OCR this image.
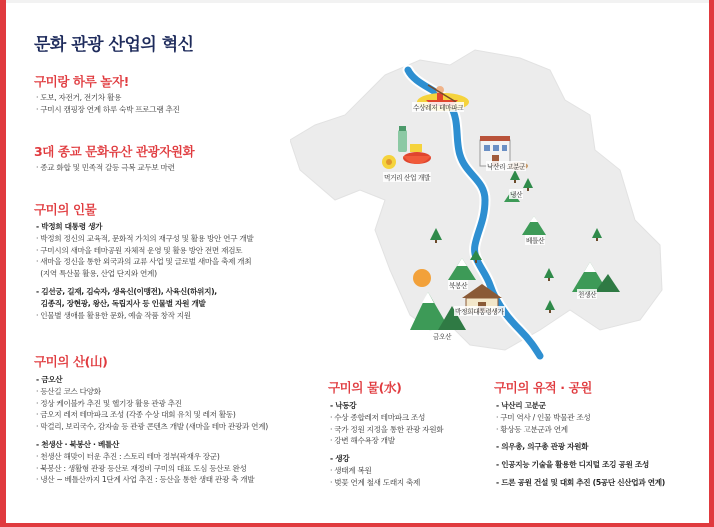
문화 관광 산업의 혁신
수상레저 테마파크
먹거리 산업 개발
낙산리 고분군
냉산
베틀산
북봉산
박정희대통령생가
금오산
천생산
구미랑 하루 놀자!
· 도보, 자전거, 전기차 활용
· 구미시 캠핑장 연계 하루 숙박 프로그램 추진
3대 종교 문화유산 관광자원화
· 종교 화합 및 민족적 갈등 극복 교두보 마련
구미의 인물
- 박정희 대통령 생가
· 박정희 정신의 교육적, 문화적 가치의 재구성 및 활용 방안 연구 개발
· 구미시의 새마을 테마공원 자체적 운영 및 활용 방안 전면 재검토
· 새마을 정신을 통한 외국과의 교류 사업 및 글로벌 새마을 축제 개최
(지역 특산물 활용, 산업 단지와 연계)
- 김선궁, 길재, 김숙자, 생육신(이맹전), 사육신(하위지),
김종직, 장현광, 왕산, 독립지사 등 인물별 자원 개발
· 인물별 생애를 활용한 문화, 예술 작품 창작 지원
구미의 산(山)
- 금오산
· 등산길 코스 다양화
· 정상 케이블카 추진 및 헬기장 활용 관광 추진
· 금오지 레저 테마파크 조성 (각종 수상 대회 유치 및 레저 활동)
· 막걸리, 보리국수, 감자술 등 관광 콘텐츠 개발 (새마을 테마 관광과 연계)
- 천생산 · 북봉산 · 베틀산
· 천생산 해맞이 터운 추진 : 스토리 테마 정부(곽재우 장군)
· 북봉산 : 생활형 관광 등산로 재정비 구미의 대표 도심 등산로 완성
· 냉산 ~ 베틀산까지 1단계 사업 추진 : 등산을 통한 생태 관광 축 개발
구미의 물(水)
- 낙동강
· 수상 종합레저 테마파크 조성
· 국가 정원 지정을 통한 관광 자원화
· 강변 해수욕장 개발
- 생강
· 생태계 복원
· 벚꽃 연계 철새 도래지 축제
구미의 유적 · 공원
- 낙산리 고분군
· 구미 역사 / 인물 박물관 조성
· 황상동 고분군과 연계
- 의우총, 의구총 관광 자원화
- 인공지능 기술을 활용한 디지털 조깅 공원 조성
- 드론 공원 건설 및 대회 추진 (5공단 신산업과 연계)
